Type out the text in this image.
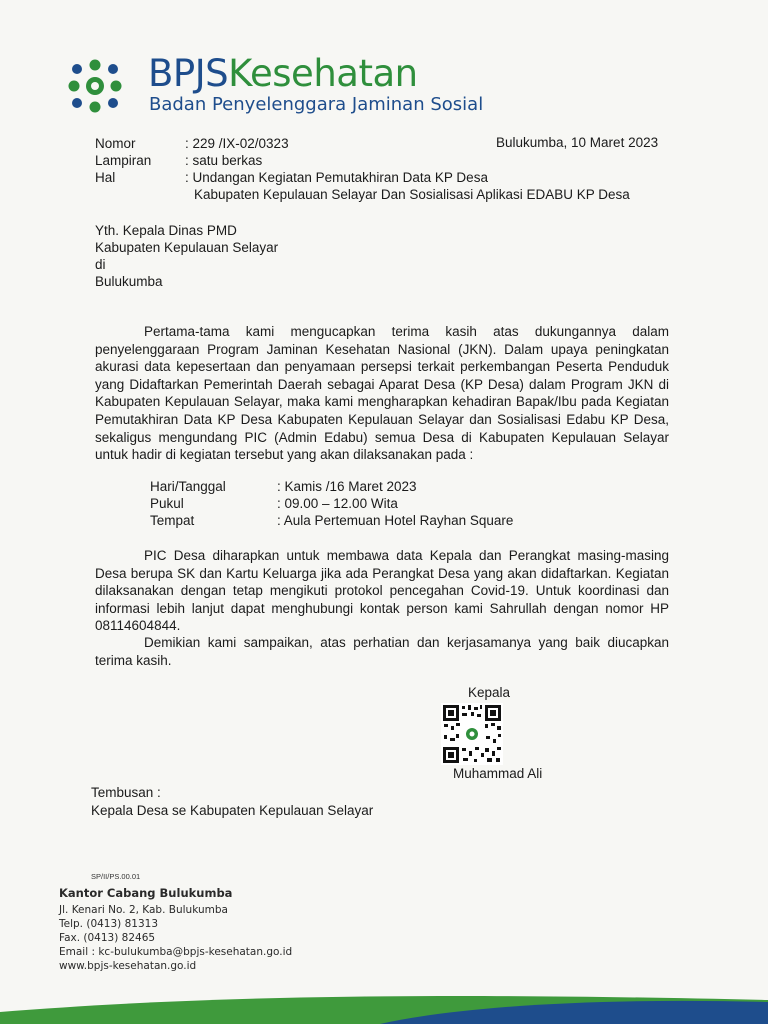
BPJSKesehatan
Badan Penyelenggara Jaminan Sosial
Nomor	: 229 /IX-02/0323	Bulukumba, 10 Maret 2023
Lampiran : satu berkas
Hal	: Undangan Kegiatan Pemutakhiran Data KP Desa
Kabupaten Kepulauan Selayar Dan Sosialisasi Aplikasi EDABU KP Desa
Yth. Kepala Dinas PMD
Kabupaten Kepulauan Selayar
di
Bulukumba
Pertama-tama kami mengucapkan terima kasih atas dukungannya dalam penyelenggaraan Program Jaminan Kesehatan Nasional (JKN). Dalam upaya peningkatan akurasi data kepesertaan dan penyamaan persepsi terkait perkembangan Peserta Penduduk yang Didaftarkan Pemerintah Daerah sebagai Aparat Desa (KP Desa) dalam Program JKN di Kabupaten Kepulauan Selayar, maka kami mengharapkan kehadiran Bapak/Ibu pada Kegiatan Pemutakhiran Data KP Desa Kabupaten Kepulauan Selayar dan Sosialisasi Edabu KP Desa, sekaligus mengundang PIC (Admin Edabu) semua Desa di Kabupaten Kepulauan Selayar untuk hadir di kegiatan tersebut yang akan dilaksanakan pada :
Hari/Tanggal	: Kamis /16 Maret 2023
Pukul	: 09.00 – 12.00 Wita
Tempat	: Aula Pertemuan Hotel Rayhan Square
PIC Desa diharapkan untuk membawa data Kepala dan Perangkat masing-masing Desa berupa SK dan Kartu Keluarga jika ada Perangkat Desa yang akan didaftarkan. Kegiatan dilaksanakan dengan tetap mengikuti protokol pencegahan Covid-19. Untuk koordinasi dan informasi lebih lanjut dapat menghubungi kontak person kami Sahrullah dengan nomor HP 08114604844.
Demikian kami sampaikan, atas perhatian dan kerjasamanya yang baik diucapkan terima kasih.
Kepala
Muhammad Ali
Tembusan :
Kepala Desa se Kabupaten Kepulauan Selayar
SP/II/PS.00.01
Kantor Cabang Bulukumba
Jl. Kenari No. 2, Kab. Bulukumba
Telp. (0413) 81313
Fax. (0413) 82465
Email : kc-bulukumba@bpjs-kesehatan.go.id
www.bpjs-kesehatan.go.id
